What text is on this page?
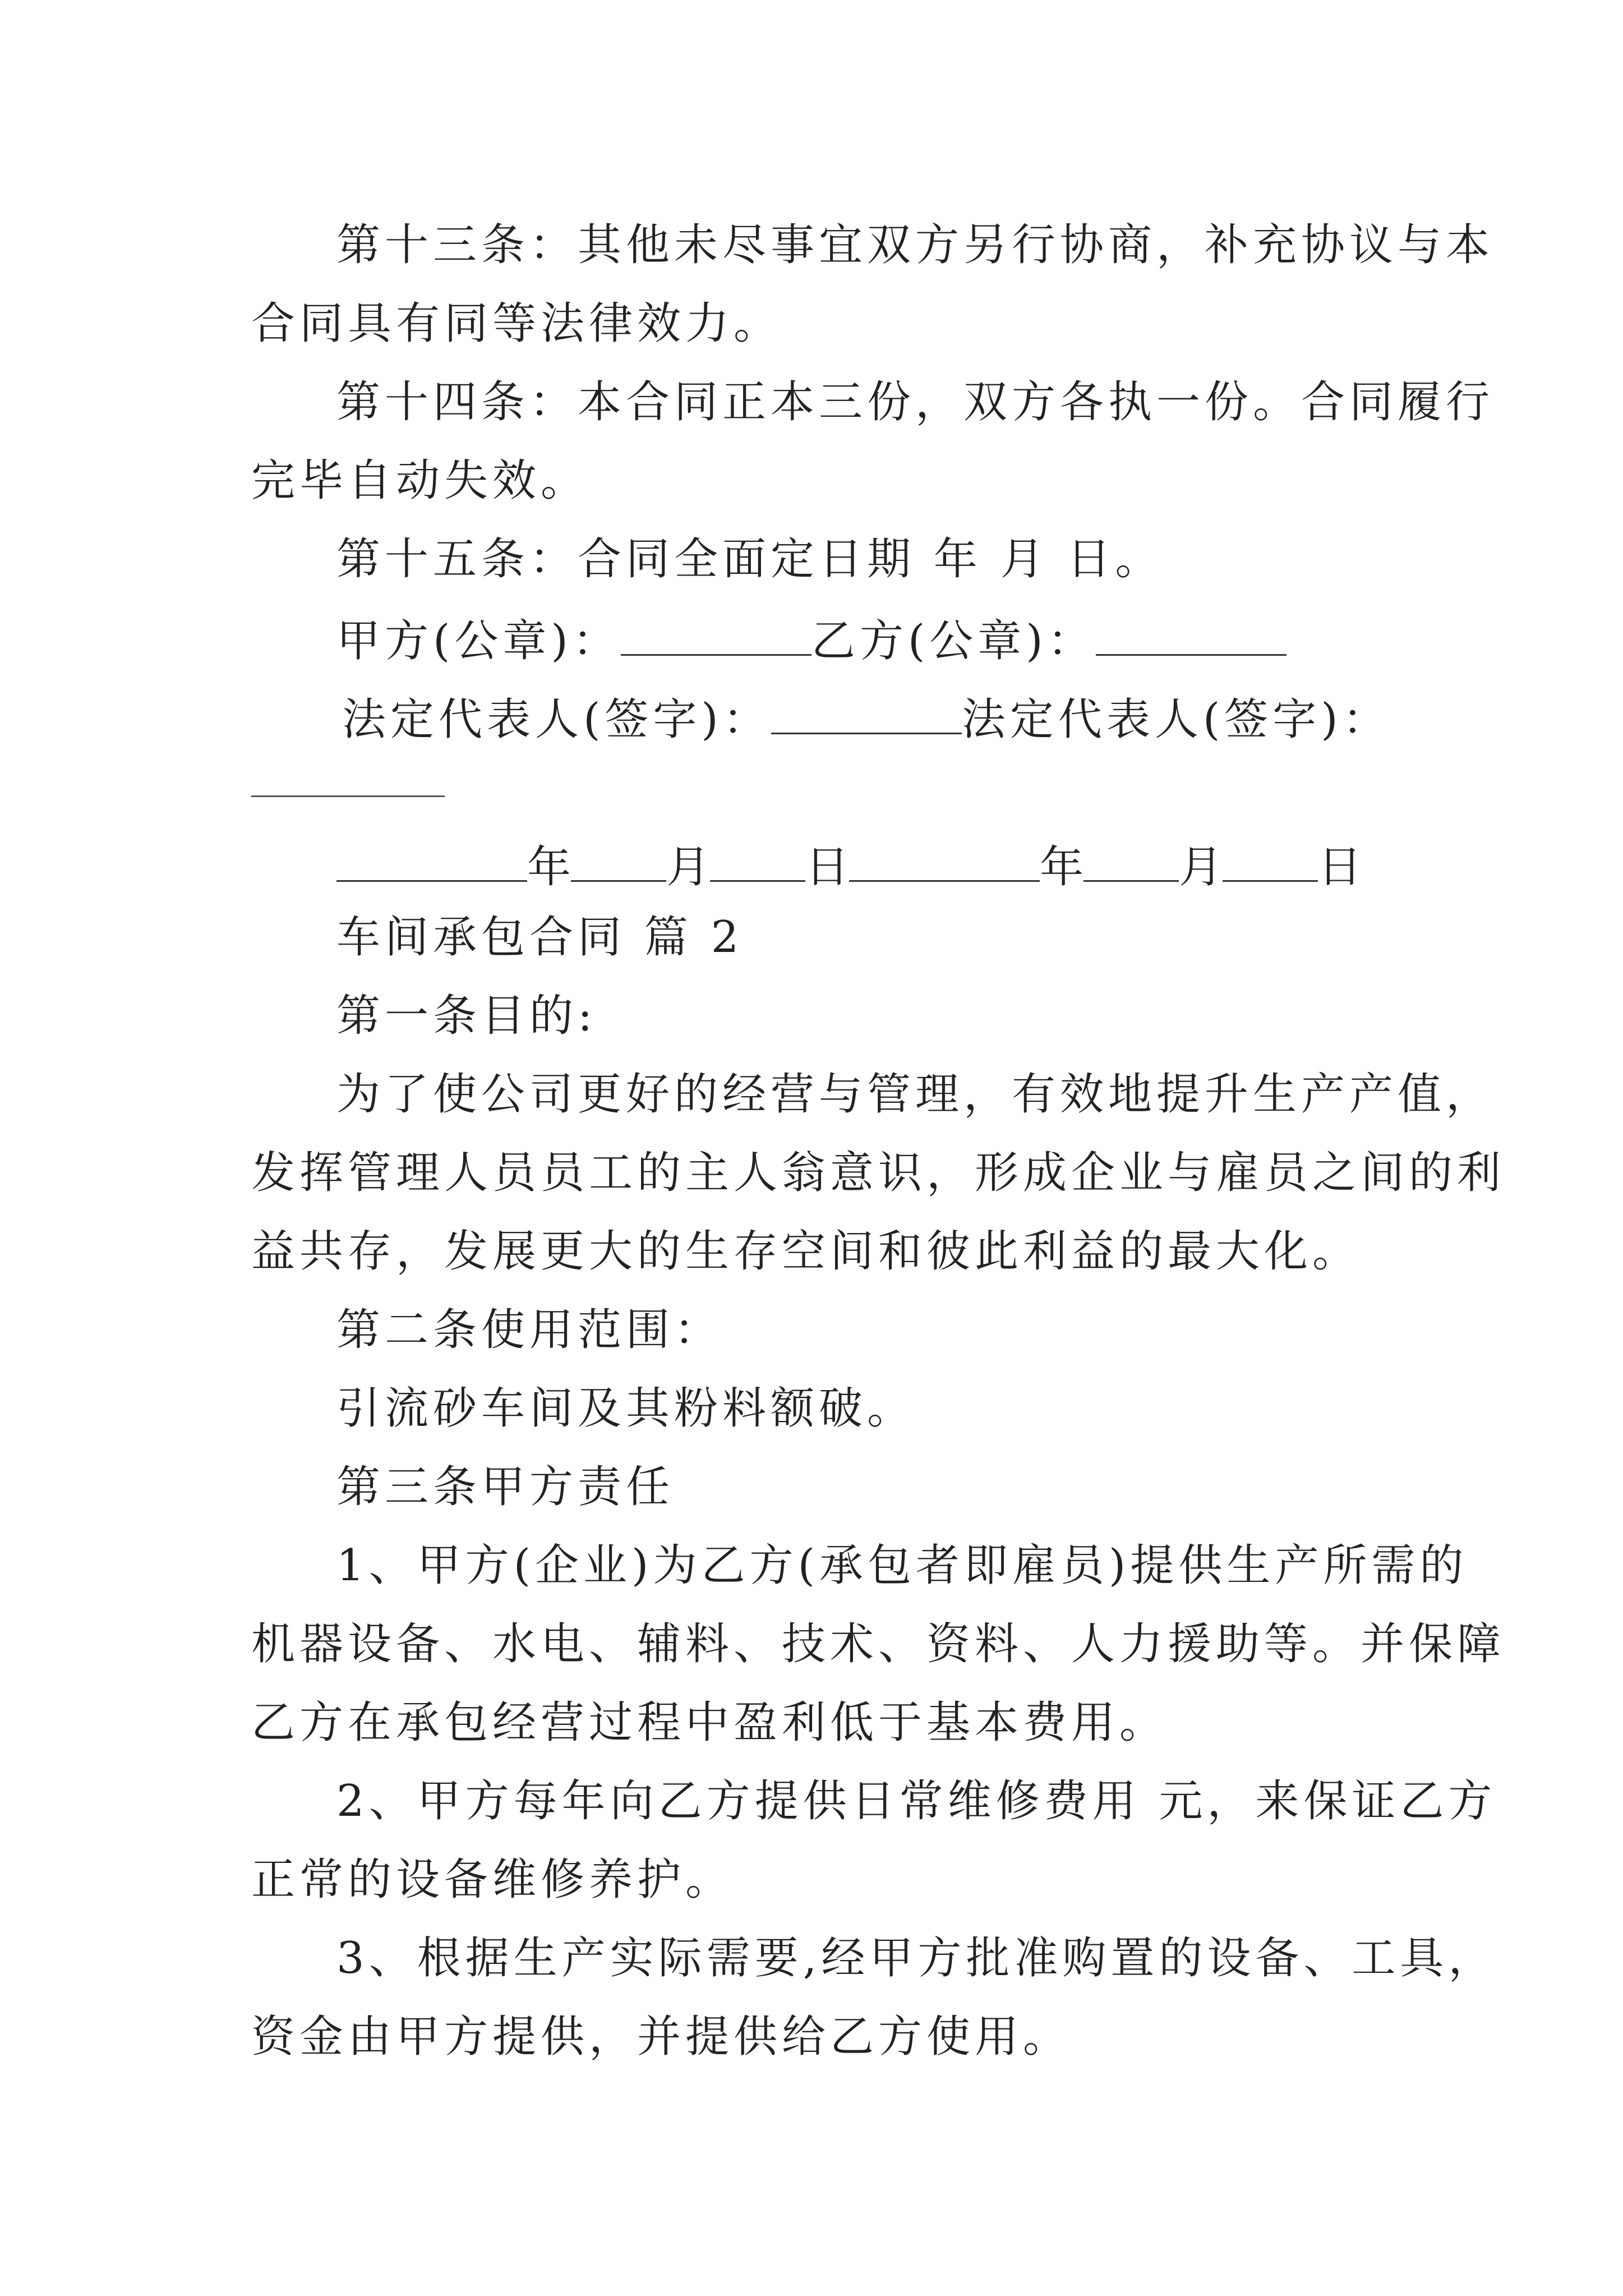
第十三条：其他未尽事宜双方另行协商，补充协议与本
合同具有同等法律效力。
第十四条：本合同正本三份，双方各执一份。合同履行
完毕自动失效。
第十五条：合同全面定日期 年 月 日。
甲方(公章)：	乙方(公章)：
法定代表人(签字)：	法定代表人(签字)：
年 月 日	年 月 日
车间承包合同 篇 2
第一条目的:
为了使公司更好的经营与管理，有效地提升生产产值，
发挥管理人员员工的主人翁意识，形成企业与雇员之间的利
益共存，发展更大的生存空间和彼此利益的最大化。
第二条使用范围：
引流砂车间及其粉料额破。
第三条甲方责任
1、甲方(企业)为乙方(承包者即雇员)提供生产所需的
机器设备、水电、辅料、技术、资料、人力援助等。并保障
乙方在承包经营过程中盈利低于基本费用。
2、甲方每年向乙方提供日常维修费用 元，来保证乙方
正常的设备维修养护。
3、根据生产实际需要,经甲方批准购置的设备、工具，
资金由甲方提供，并提供给乙方使用。
